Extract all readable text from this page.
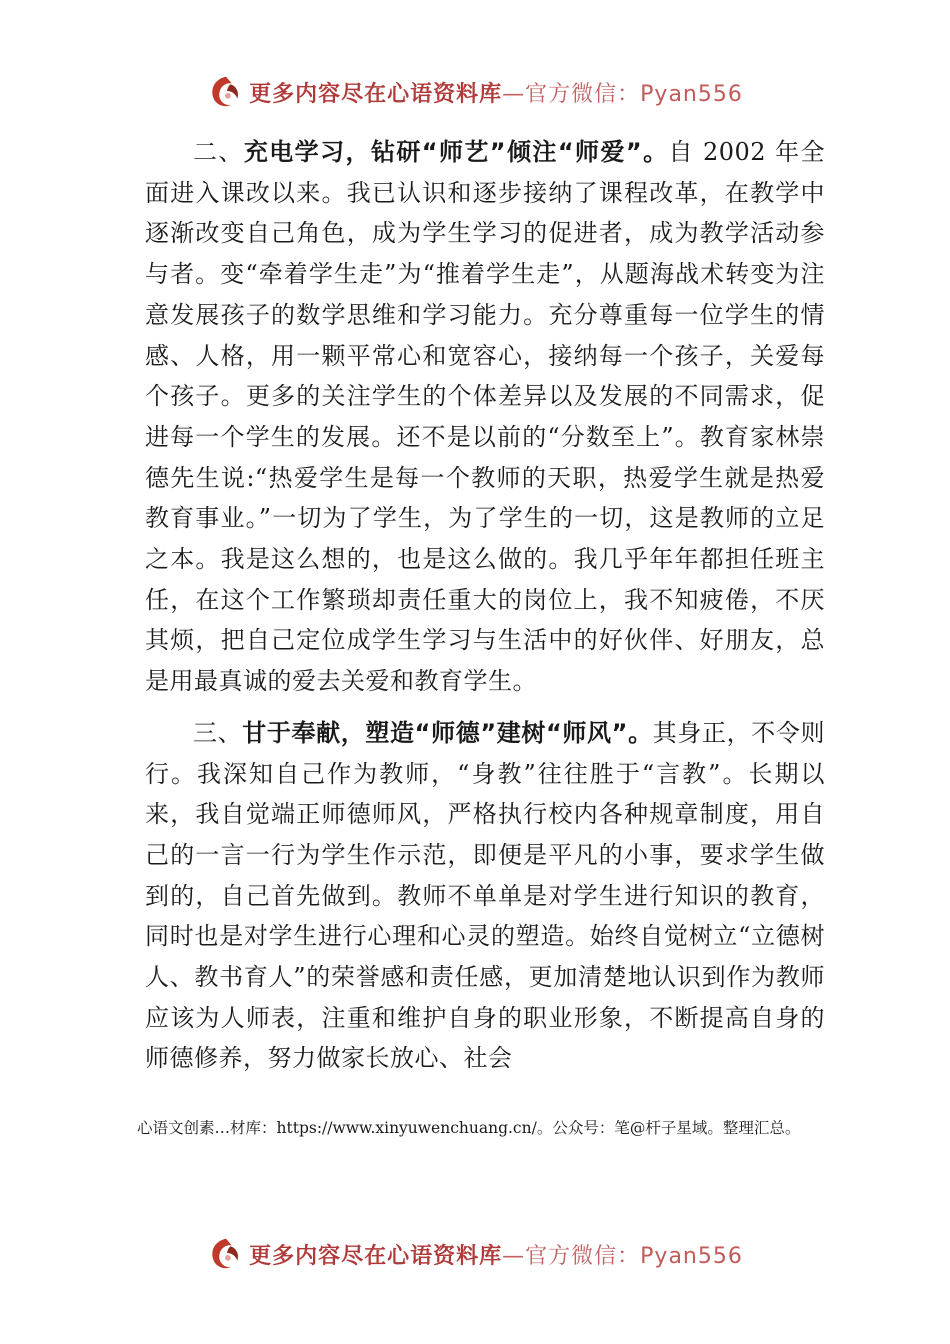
更多内容尽在心语资料库—官方微信：Pyan556

二、充电学习，钻研“师艺”倾注“师爱”。自 2002 年全面进入课改以来。我已认识和逐步接纳了课程改革，在教学中逐渐改变自己角色，成为学生学习的促进者，成为教学活动参与者。变“牵着学生走”为“推着学生走”，从题海战术转变为注意发展孩子的数学思维和学习能力。充分尊重每一位学生的情感、人格，用一颗平常心和宽容心，接纳每一个孩子，关爱每个孩子。更多的关注学生的个体差异以及发展的不同需求，促进每一个学生的发展。还不是以前的“分数至上”。教育家林崇德先生说:“热爱学生是每一个教师的天职，热爱学生就是热爱教育事业。”一切为了学生，为了学生的一切，这是教师的立足之本。我是这么想的，也是这么做的。我几乎年年都担任班主任，在这个工作繁琐却责任重大的岗位上，我不知疲倦，不厌其烦，把自己定位成学生学习与生活中的好伙伴、好朋友，总是用最真诚的爱去关爱和教育学生。

三、甘于奉献，塑造“师德”建树“师风”。其身正，不令则行。我深知自己作为教师，“身教”往往胜于“言教”。长期以来，我自觉端正师德师风，严格执行校内各种规章制度，用自己的一言一行为学生作示范，即便是平凡的小事，要求学生做到的，自己首先做到。教师不单单是对学生进行知识的教育，同时也是对学生进行心理和心灵的塑造。始终自觉树立“立德树人、教书育人”的荣誉感和责任感，更加清楚地认识到作为教师应该为人师表，注重和维护自身的职业形象，不断提高自身的师德修养，努力做家长放心、社会

心语文创素…材库：https://www.xinyuwenchuang.cn/。公众号：笔@杆子星域。整理汇总。
更多内容尽在心语资料库—官方微信：Pyan556
